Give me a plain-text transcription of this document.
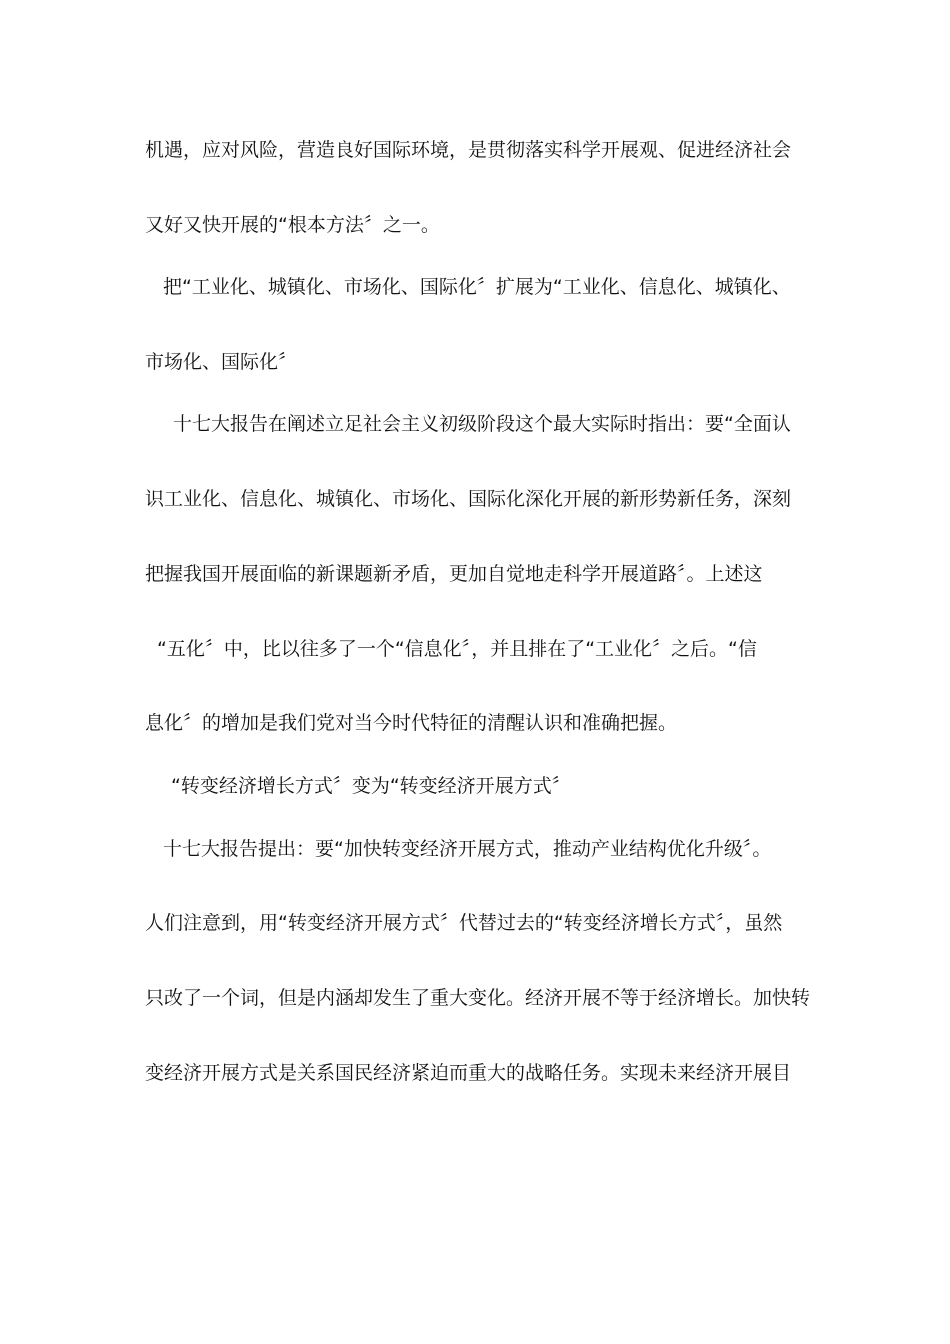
机遇，应对风险，营造良好国际环境，是贯彻落实科学开展观、促进经济社会
又好又快开展的“根本方法〞之一。
把“工业化、城镇化、市场化、国际化〞扩展为“工业化、信息化、城镇化、
市场化、国际化〞
十七大报告在阐述立足社会主义初级阶段这个最大实际时指出：要“全面认
识工业化、信息化、城镇化、市场化、国际化深化开展的新形势新任务，深刻
把握我国开展面临的新课题新矛盾，更加自觉地走科学开展道路〞。上述这
“五化〞中，比以往多了一个“信息化〞，并且排在了“工业化〞之后。“信
息化〞的增加是我们党对当今时代特征的清醒认识和准确把握。
“转变经济增长方式〞变为“转变经济开展方式〞
十七大报告提出：要“加快转变经济开展方式，推动产业结构优化升级〞。
人们注意到，用“转变经济开展方式〞代替过去的“转变经济增长方式〞，虽然
只改了一个词，但是内涵却发生了重大变化。经济开展不等于经济增长。加快转
变经济开展方式是关系国民经济紧迫而重大的战略任务。实现未来经济开展目
